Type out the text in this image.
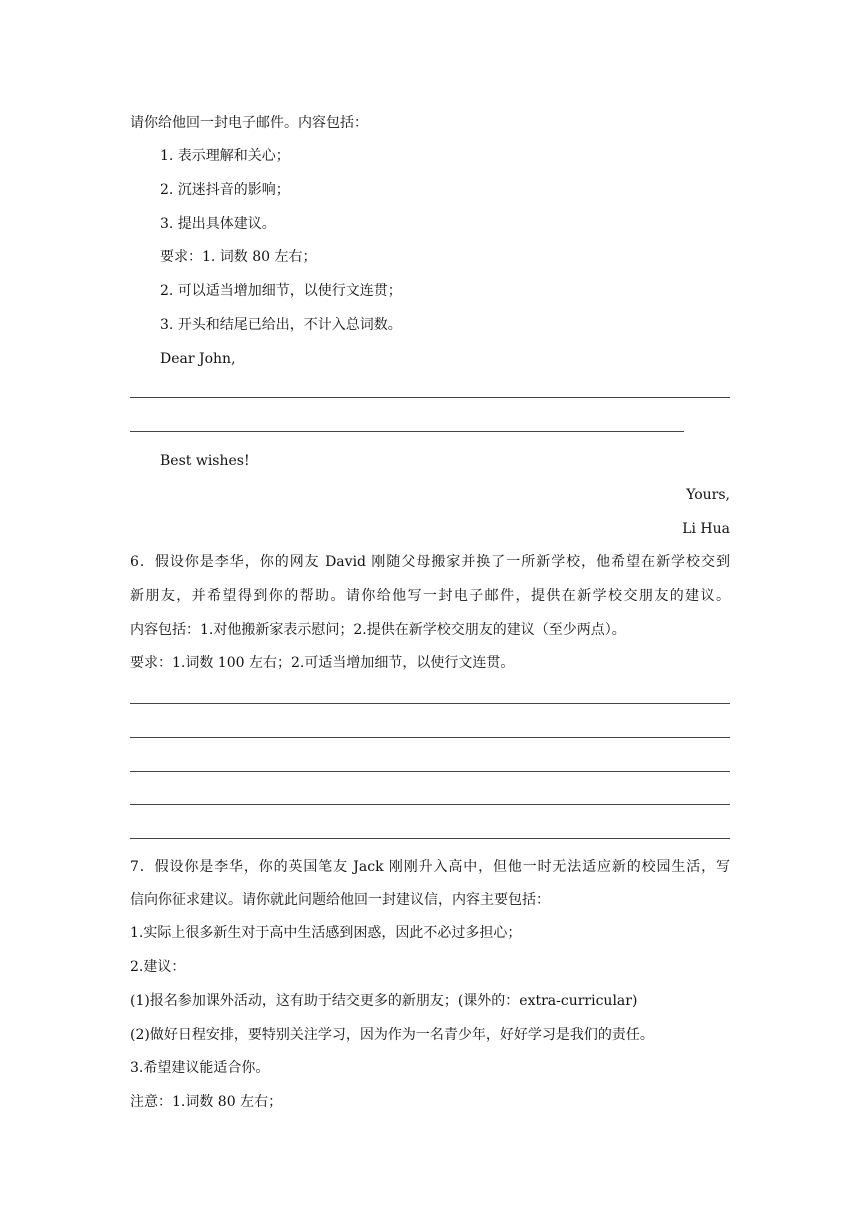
请你给他回一封电子邮件。内容包括：
1. 表示理解和关心；
2. 沉迷抖音的影响；
3. 提出具体建议。
要求：1. 词数 80 左右；
2. 可以适当增加细节，以使行文连贯；
3. 开头和结尾已给出，不计入总词数。
Dear John,
Best wishes!
Yours,
Li Hua
6．假设你是李华，你的网友 David 刚随父母搬家并换了一所新学校，他希望在新学校交到
新朋友，并希望得到你的帮助。请你给他写一封电子邮件，提供在新学校交朋友的建议。
内容包括：1.对他搬新家表示慰问；2.提供在新学校交朋友的建议（至少两点）。
要求：1.词数 100 左右；2.可适当增加细节，以使行文连贯。
7．假设你是李华，你的英国笔友 Jack 刚刚升入高中，但他一时无法适应新的校园生活，写
信向你征求建议。请你就此问题给他回一封建议信，内容主要包括：
1.实际上很多新生对于高中生活感到困惑，因此不必过多担心；
2.建议：
(1)报名参加课外活动，这有助于结交更多的新朋友；(课外的：extra-curricular)
(2)做好日程安排，要特别关注学习，因为作为一名青少年，好好学习是我们的责任。
3.希望建议能适合你。
注意：1.词数 80 左右；
